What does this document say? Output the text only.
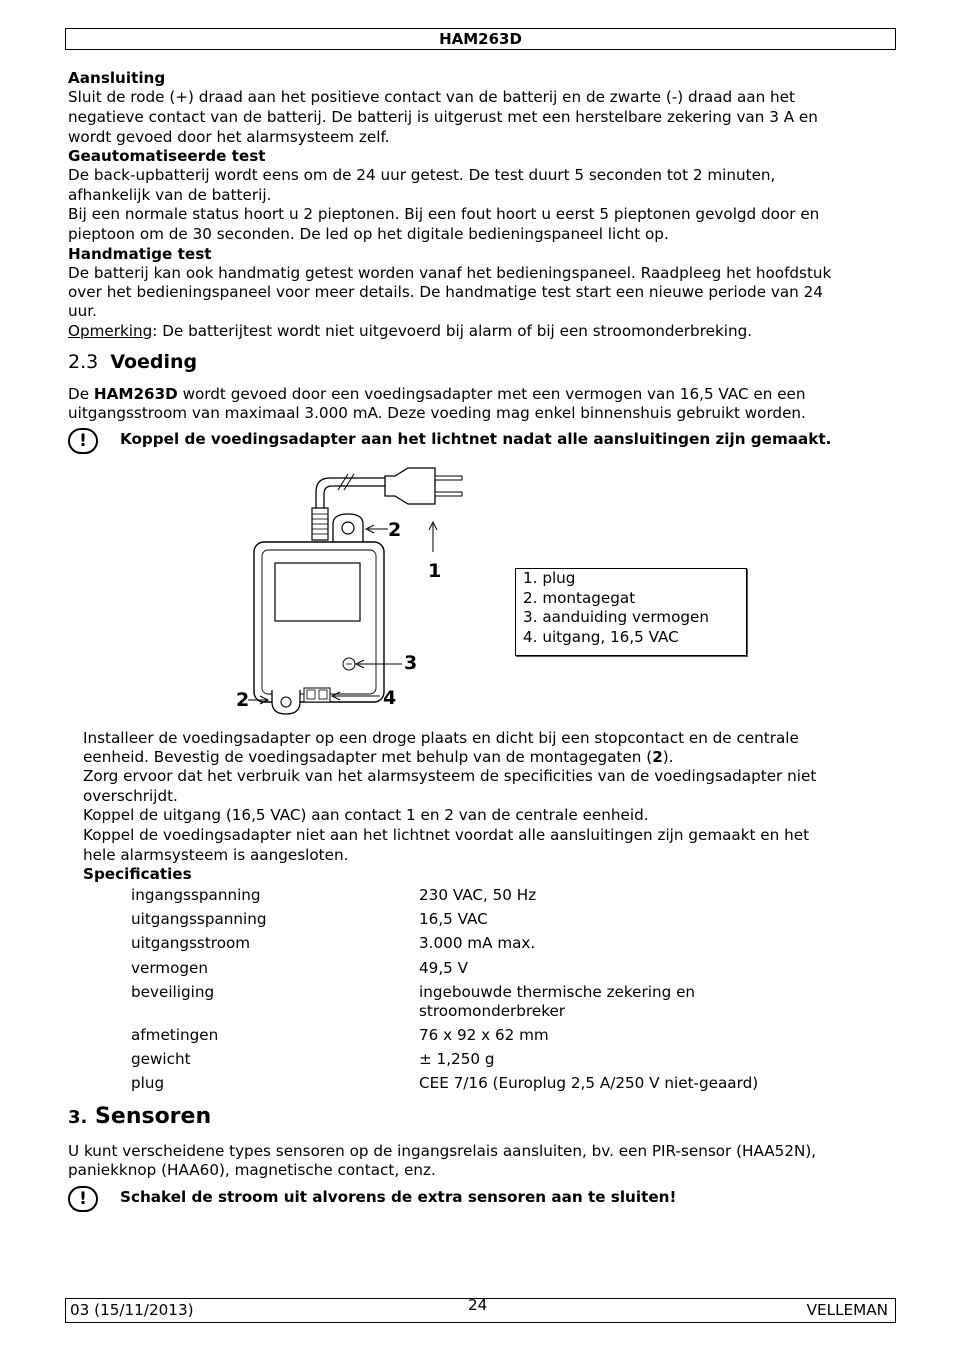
HAM263D
Aansluiting
Sluit de rode (+) draad aan het positieve contact van de batterij en de zwarte (-) draad aan het
negatieve contact van de batterij. De batterij is uitgerust met een herstelbare zekering van 3 A en
wordt gevoed door het alarmsysteem zelf.
Geautomatiseerde test
De back-upbatterij wordt eens om de 24 uur getest. De test duurt 5 seconden tot 2 minuten,
afhankelijk van de batterij.
Bij een normale status hoort u 2 pieptonen. Bij een fout hoort u eerst 5 pieptonen gevolgd door en
pieptoon om de 30 seconden. De led op het digitale bedieningspaneel licht op.
Handmatige test
De batterij kan ook handmatig getest worden vanaf het bedieningspaneel. Raadpleeg het hoofdstuk
over het bedieningspaneel voor meer details. De handmatige test start een nieuwe periode van 24
uur.
Opmerking: De batterijtest wordt niet uitgevoerd bij alarm of bij een stroomonderbreking.
2.3 Voeding
De HAM263D wordt gevoed door een voedingsadapter met een vermogen van 16,5 VAC en een
uitgangsstroom van maximaal 3.000 mA. Deze voeding mag enkel binnenshuis gebruikt worden.
!	Koppel de voedingsadapter aan het lichtnet nadat alle aansluitingen zijn gemaakt.
2
1
3
4
2
1. plug
2. montagegat
3. aanduiding vermogen
4. uitgang, 16,5 VAC
Installeer de voedingsadapter op een droge plaats en dicht bij een stopcontact en de centrale
eenheid. Bevestig de voedingsadapter met behulp van de montagegaten (2).
Zorg ervoor dat het verbruik van het alarmsysteem de specificities van de voedingsadapter niet
overschrijdt.
Koppel de uitgang (16,5 VAC) aan contact 1 en 2 van de centrale eenheid.
Koppel de voedingsadapter niet aan het lichtnet voordat alle aansluitingen zijn gemaakt en het
hele alarmsysteem is aangesloten.
Specificaties
ingangsspanning	230 VAC, 50 Hz
uitgangsspanning	16,5 VAC
uitgangsstroom	3.000 mA max.
vermogen	49,5 V
beveiliging	ingebouwde thermische zekering en
stroomonderbreker
afmetingen	76 x 92 x 62 mm
gewicht	± 1,250 g
plug	CEE 7/16 (Europlug 2,5 A/250 V niet-geaard)
3. Sensoren
U kunt verscheidene types sensoren op de ingangsrelais aansluiten, bv. een PIR-sensor (HAA52N),
paniekknop (HAA60), magnetische contact, enz.
!	Schakel de stroom uit alvorens de extra sensoren aan te sluiten!
03 (15/11/2013)	24	VELLEMAN
